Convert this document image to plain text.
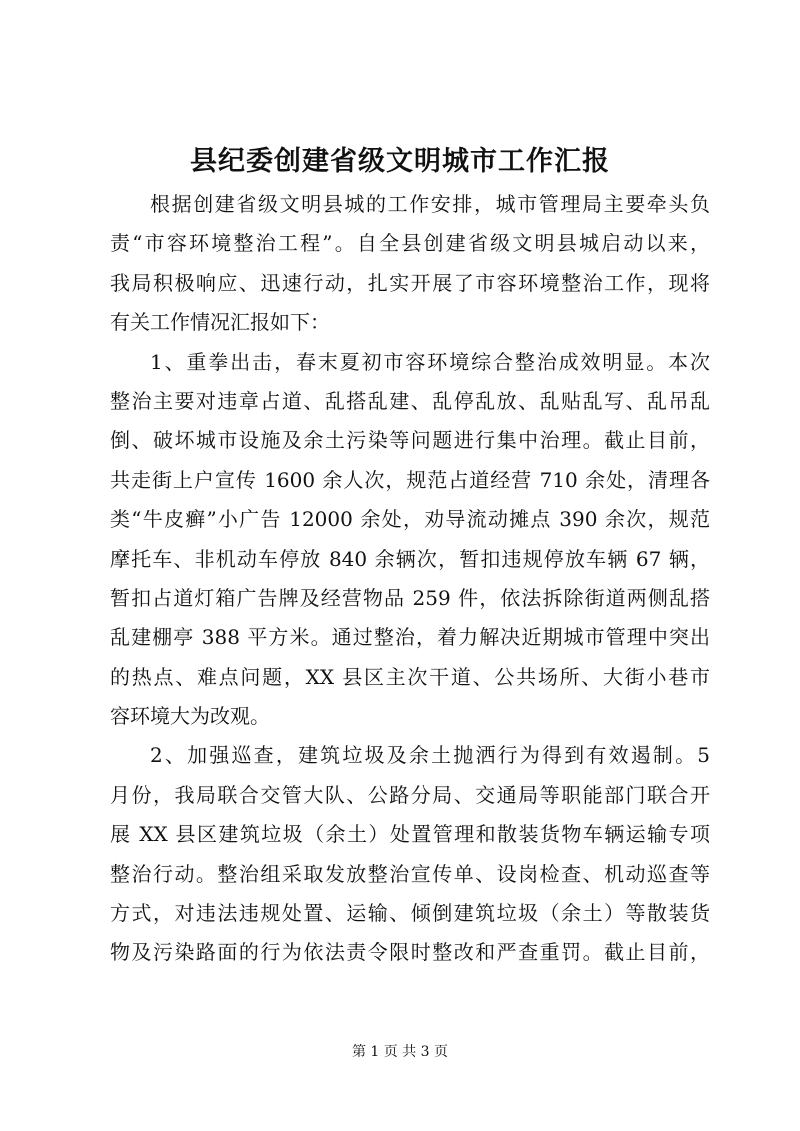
县纪委创建省级文明城市工作汇报
根据创建省级文明县城的工作安排，城市管理局主要牵头负
责“市容环境整治工程”。自全县创建省级文明县城启动以来，
我局积极响应、迅速行动，扎实开展了市容环境整治工作，现将
有关工作情况汇报如下：
1、重拳出击，春末夏初市容环境综合整治成效明显。本次
整治主要对违章占道、乱搭乱建、乱停乱放、乱贴乱写、乱吊乱
倒、破坏城市设施及余土污染等问题进行集中治理。截止目前，
共走街上户宣传 1600 余人次，规范占道经营 710 余处，清理各
类“牛皮癣”小广告 12000 余处，劝导流动摊点 390 余次，规范
摩托车、非机动车停放 840 余辆次，暂扣违规停放车辆 67 辆，
暂扣占道灯箱广告牌及经营物品 259 件，依法拆除街道两侧乱搭
乱建棚亭 388 平方米。通过整治，着力解决近期城市管理中突出
的热点、难点问题，XX 县区主次干道、公共场所、大街小巷市
容环境大为改观。
2、加强巡查，建筑垃圾及余土抛洒行为得到有效遏制。5
月份，我局联合交管大队、公路分局、交通局等职能部门联合开
展 XX 县区建筑垃圾（余土）处置管理和散装货物车辆运输专项
整治行动。整治组采取发放整治宣传单、设岗检查、机动巡查等
方式，对违法违规处置、运输、倾倒建筑垃圾（余土）等散装货
物及污染路面的行为依法责令限时整改和严查重罚。截止目前，
第 1 页 共 3 页
